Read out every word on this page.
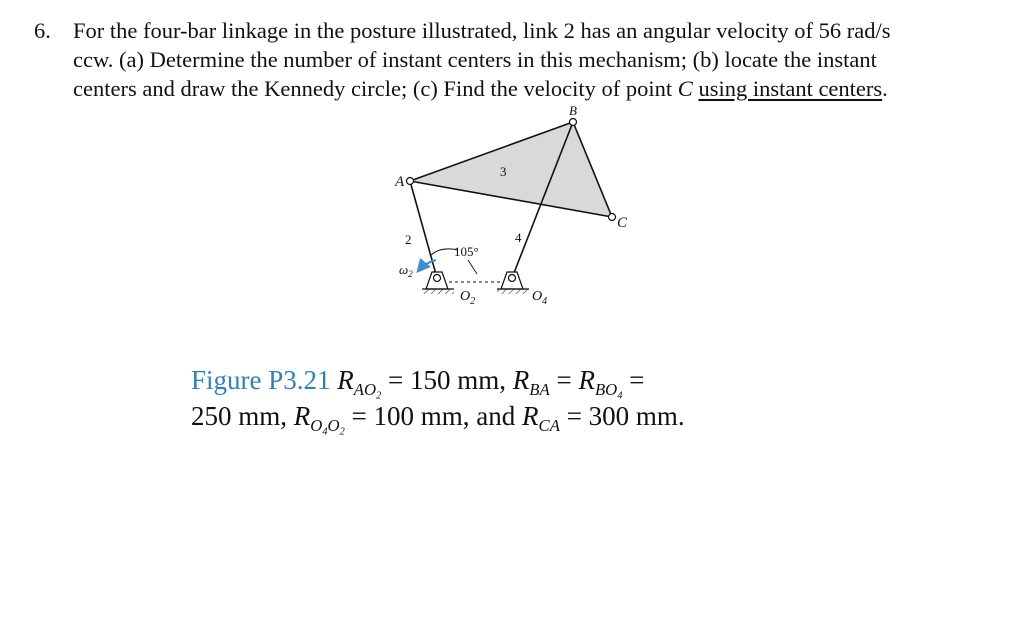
6. For the four-bar linkage in the posture illustrated, link 2 has an angular velocity of 56 rad/s
ccw. (a) Determine the number of instant centers in this mechanism; (b) locate the instant
centers and draw the Kennedy circle; (c) Find the velocity of point C using instant centers.
A
B
C
3
2	4
105°
$\omega_2$
$O_2$	$O_4$
Figure P3.21 $R_{AO_2} = 150$ mm, $R_{BA} = R_{BO_4}$ =
250 mm, $R_{O_4O_2} = 100$ mm, and $R_{CA} = 300$ mm.
